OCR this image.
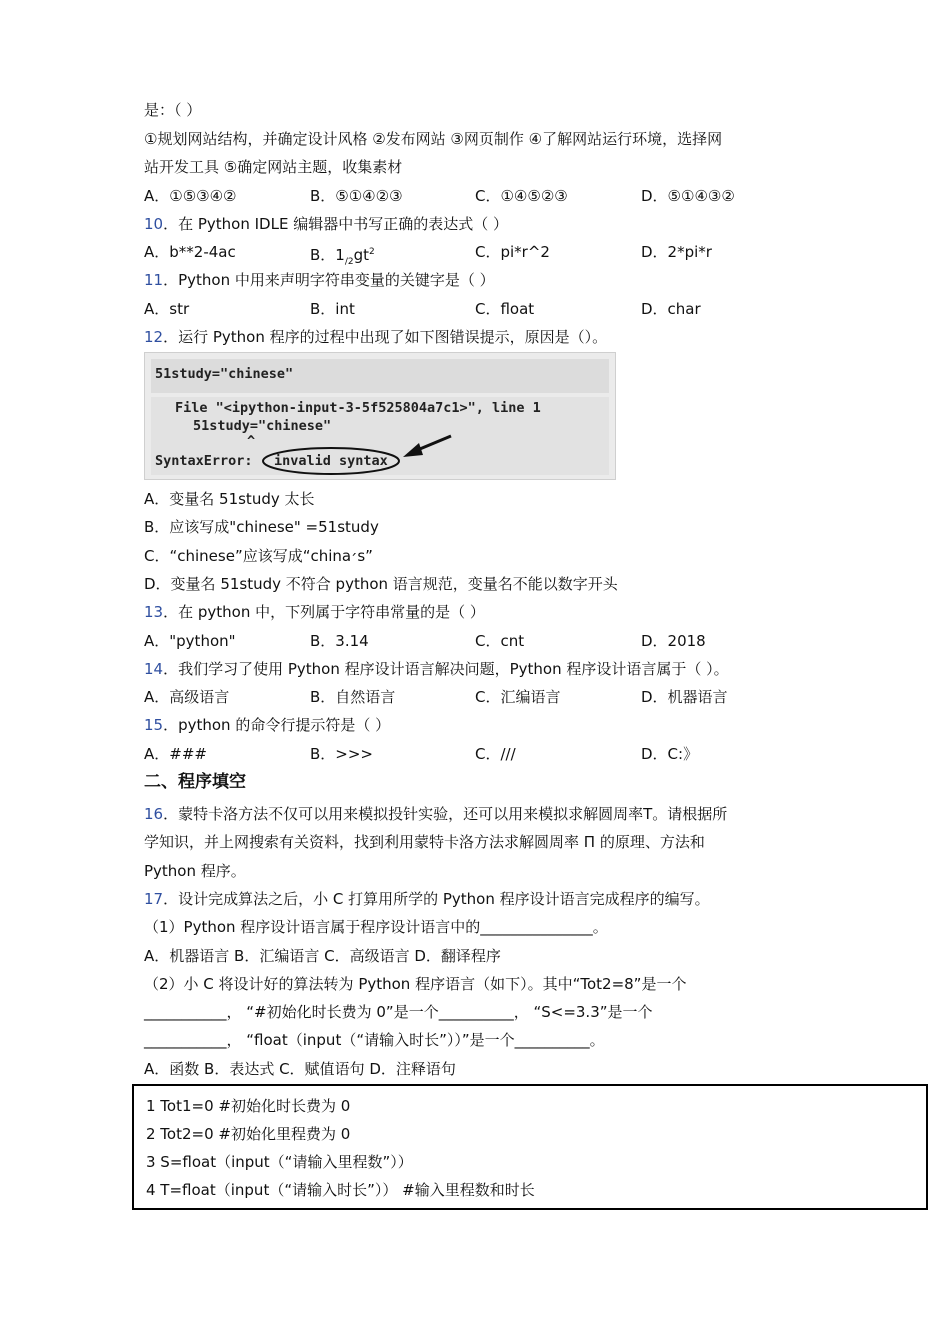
是：（ ）
①规划网站结构，并确定设计风格 ②发布网站 ③网页制作 ④了解网站运行环境，选择网
站开发工具 ⑤确定网站主题，收集素材
A．①⑤③④②	B．⑤①④②③	C．①④⑤②③	D．⑤①④③②
10．在 Python IDLE 编辑器中书写正确的表达式（ ）
A．b**2-4ac	B．$1_{/2}gt^2$	C．pi*r^2	D．2*pi*r
11．Python 中用来声明字符串变量的关键字是（ ）
A．str	B．int	C．float	D．char
12．运行 Python 程序的过程中出现了如下图错误提示，原因是（）。
51study="chinese"
File "<ipython-input-3-5f525804a7c1>", line 1
51study="chinese"
^
SyntaxError: invalid syntax
A．变量名 51study 太长
B．应该写成"chinese" =51study
C．“chinese”应该写成“china׳s”
D．变量名 51study 不符合 python 语言规范，变量名不能以数字开头
13．在 python 中，下列属于字符串常量的是（ ）
A．"python"	B．3.14	C．cnt	D．2018
14．我们学习了使用 Python 程序设计语言解决问题，Python 程序设计语言属于（ ）。
A．高级语言	B．自然语言	C．汇编语言	D．机器语言
15．python 的命令行提示符是（ ）
A．###	B．>>>	C．///	D．C:》
二、程序填空
16．蒙特卡洛方法不仅可以用来模拟投针实验，还可以用来模拟求解圆周率T。请根据所
学知识，并上网搜索有关资料，找到利用蒙特卡洛方法求解圆周率 Π 的原理、方法和
Python 程序。
17．设计完成算法之后，小 C 打算用所学的 Python 程序设计语言完成程序的编写。
（1）Python 程序设计语言属于程序设计语言中的_______________。
A．机器语言 B．汇编语言 C．高级语言 D．翻译程序
（2）小 C 将设计好的算法转为 Python 程序语言（如下）。其中“Tot2=8”是一个
___________， “#初始化时长费为 0”是一个__________， “S<=3.3”是一个
___________， “float（input（“请输入时长”））”是一个__________。
A．函数 B．表达式 C．赋值语句 D．注释语句
1 Tot1=0 #初始化时长费为 0
2 Tot2=0 #初始化里程费为 0
3 S=float（input（“请输入里程数”））
4 T=float（input（“请输入时长”）） #输入里程数和时长
